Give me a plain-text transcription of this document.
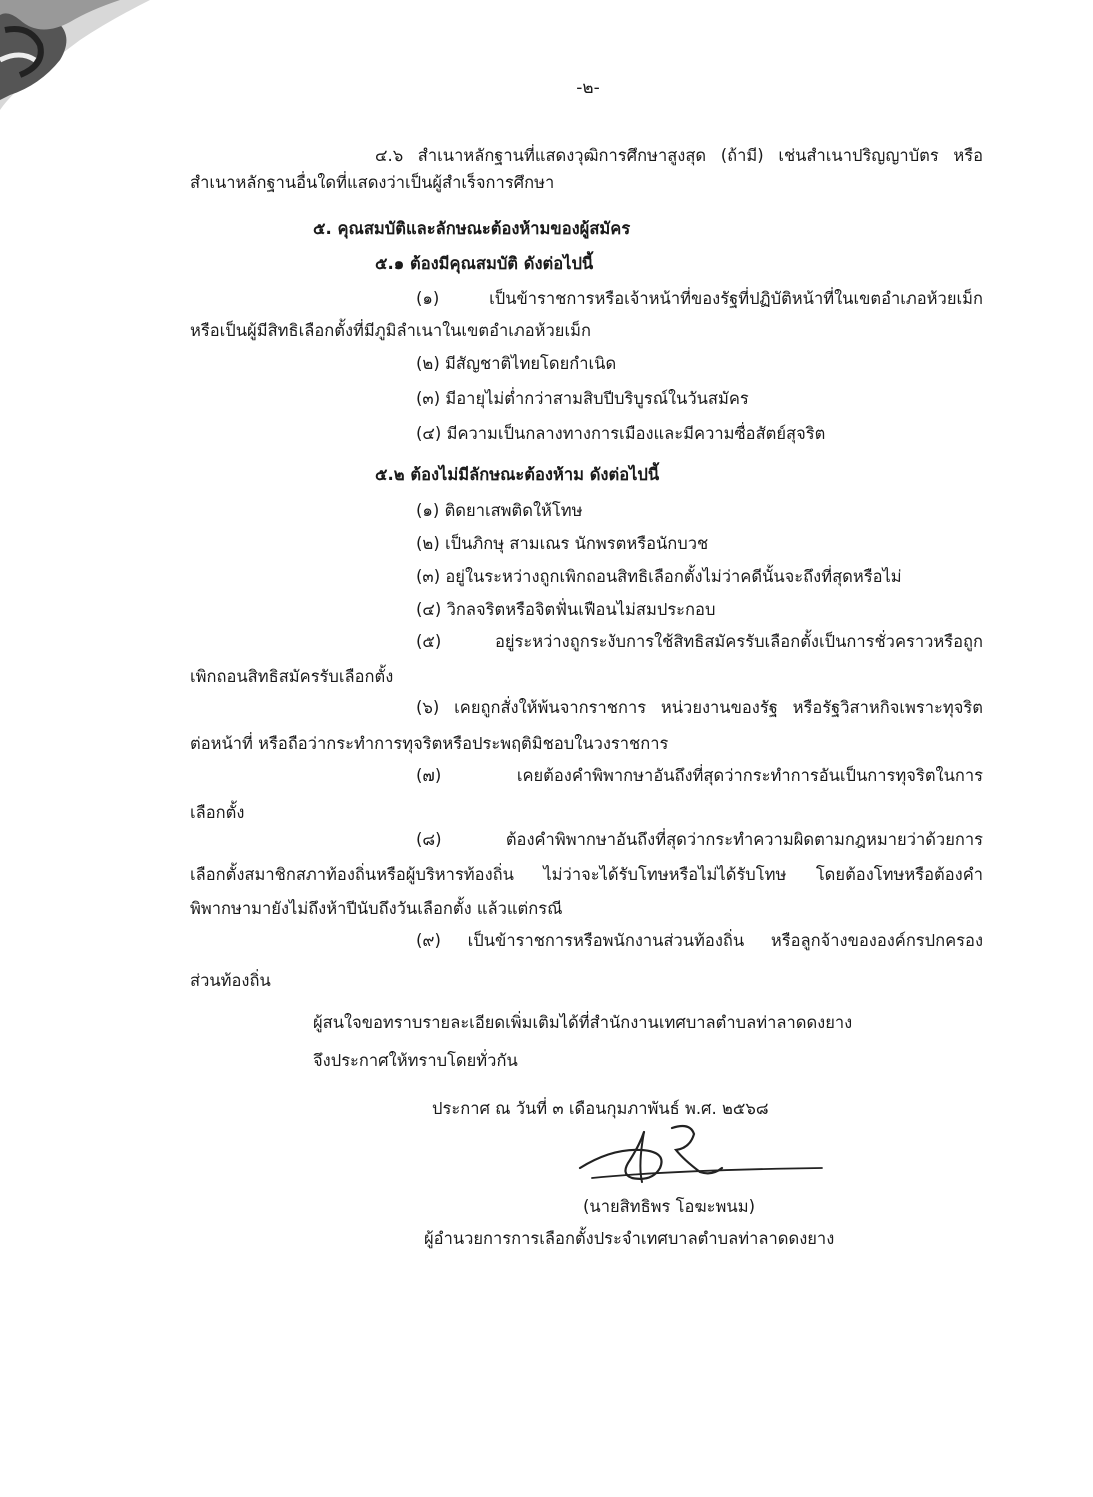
-๒-
๔.๖ สำเนาหลักฐานที่แสดงวุฒิการศึกษาสูงสุด (ถ้ามี) เช่นสำเนาปริญญาบัตร หรือ
สำเนาหลักฐานอื่นใดที่แสดงว่าเป็นผู้สำเร็จการศึกษา
๕. คุณสมบัติและลักษณะต้องห้ามของผู้สมัคร
๕.๑ ต้องมีคุณสมบัติ ดังต่อไปนี้
(๑) เป็นข้าราชการหรือเจ้าหน้าที่ของรัฐที่ปฏิบัติหน้าที่ในเขตอำเภอห้วยเม็ก
หรือเป็นผู้มีสิทธิเลือกตั้งที่มีภูมิลำเนาในเขตอำเภอห้วยเม็ก
(๒) มีสัญชาติไทยโดยกำเนิด
(๓) มีอายุไม่ต่ำกว่าสามสิบปีบริบูรณ์ในวันสมัคร
(๔) มีความเป็นกลางทางการเมืองและมีความซื่อสัตย์สุจริต
๕.๒ ต้องไม่มีลักษณะต้องห้าม ดังต่อไปนี้
(๑) ติดยาเสพติดให้โทษ
(๒) เป็นภิกษุ สามเณร นักพรตหรือนักบวช
(๓) อยู่ในระหว่างถูกเพิกถอนสิทธิเลือกตั้งไม่ว่าคดีนั้นจะถึงที่สุดหรือไม่
(๔) วิกลจริตหรือจิตฟั่นเฟือนไม่สมประกอบ
(๕) อยู่ระหว่างถูกระงับการใช้สิทธิสมัครรับเลือกตั้งเป็นการชั่วคราวหรือถูก
เพิกถอนสิทธิสมัครรับเลือกตั้ง
(๖) เคยถูกสั่งให้พ้นจากราชการ หน่วยงานของรัฐ หรือรัฐวิสาหกิจเพราะทุจริต
ต่อหน้าที่ หรือถือว่ากระทำการทุจริตหรือประพฤติมิชอบในวงราชการ
(๗) เคยต้องคำพิพากษาอันถึงที่สุดว่ากระทำการอันเป็นการทุจริตในการ
เลือกตั้ง
(๘) ต้องคำพิพากษาอันถึงที่สุดว่ากระทำความผิดตามกฎหมายว่าด้วยการ
เลือกตั้งสมาชิกสภาท้องถิ่นหรือผู้บริหารท้องถิ่น ไม่ว่าจะได้รับโทษหรือไม่ได้รับโทษ โดยต้องโทษหรือต้องคำ
พิพากษามายังไม่ถึงห้าปีนับถึงวันเลือกตั้ง แล้วแต่กรณี
(๙) เป็นข้าราชการหรือพนักงานส่วนท้องถิ่น หรือลูกจ้างขององค์กรปกครอง
ส่วนท้องถิ่น
ผู้สนใจขอทราบรายละเอียดเพิ่มเติมได้ที่สำนักงานเทศบาลตำบลท่าลาดดงยาง
จึงประกาศให้ทราบโดยทั่วกัน
ประกาศ ณ วันที่ ๓ เดือนกุมภาพันธ์ พ.ศ. ๒๕๖๘
(นายสิทธิพร โอฆะพนม)
ผู้อำนวยการการเลือกตั้งประจำเทศบาลตำบลท่าลาดดงยาง
